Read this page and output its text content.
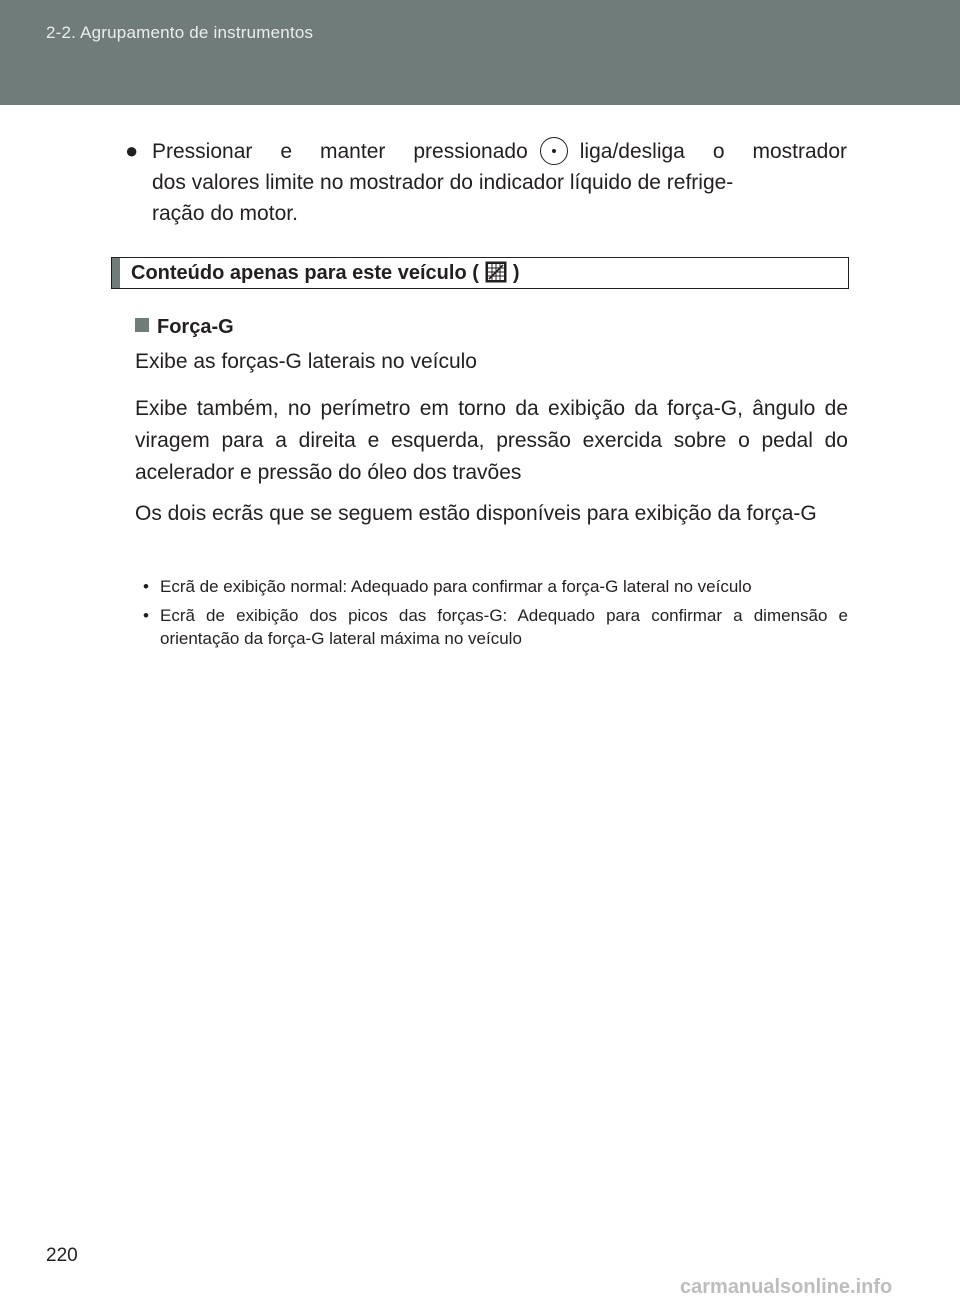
2-2. Agrupamento de instrumentos
● Pressionar e manter pressionado liga/desliga o mostrador
dos valores limite no mostrador do indicador líquido de refrige-
ração do motor.
Conteúdo apenas para este veículo ( )
Força-G
Exibe as forças-G laterais no veículo
Exibe também, no perímetro em torno da exibição da força-G, ângulo de viragem para a direita e esquerda, pressão exercida sobre o pedal do acelerador e pressão do óleo dos travões
Os dois ecrãs que se seguem estão disponíveis para exibição da força-G
• Ecrã de exibição normal: Adequado para confirmar a força-G lateral no veículo
• Ecrã de exibição dos picos das forças-G: Adequado para confirmar a dimensão e orientação da força-G lateral máxima no veículo
220
carmanualsonline.info
